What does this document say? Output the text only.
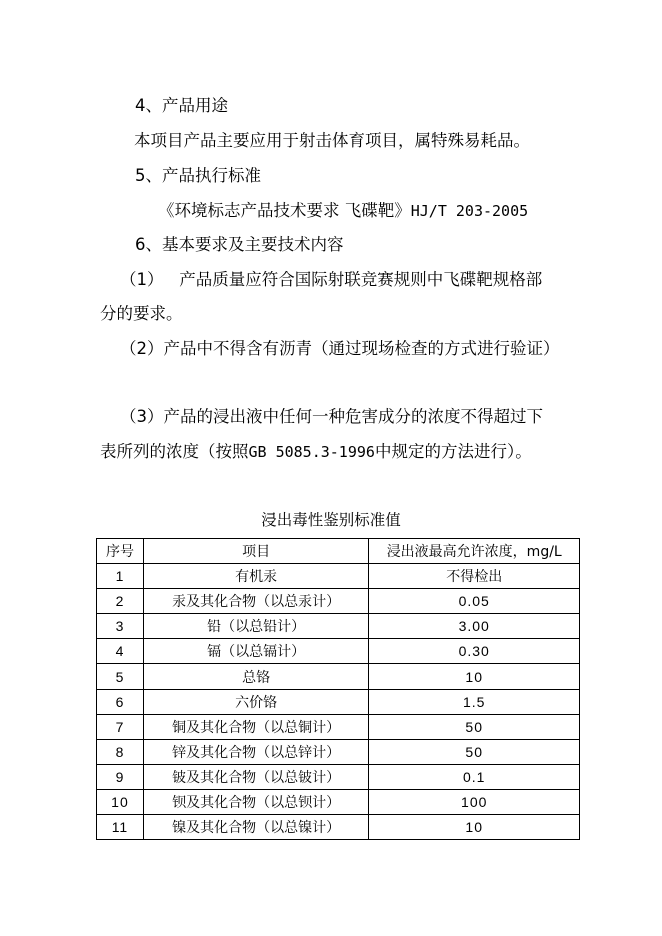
4、产品用途
本项目产品主要应用于射击体育项目，属特殊易耗品。
5、产品执行标准
《环境标志产品技术要求 飞碟靶》HJ/T 203-2005
6、基本要求及主要技术内容
（1）   产品质量应符合国际射联竞赛规则中飞碟靶规格部
分的要求。
（2）产品中不得含有沥青（通过现场检查的方式进行验证）
（3）产品的浸出液中任何一种危害成分的浓度不得超过下
表所列的浓度（按照GB 5085.3-1996中规定的方法进行）。
浸出毒性鉴别标准值
序号	项目	浸出液最高允许浓度，mg/L
1	有机汞	不得检出
2	汞及其化合物（以总汞计）	0.05
3	铅（以总铅计）	3.00
4	镉（以总镉计）	0.30
5	总铬	10
6	六价铬	1.5
7	铜及其化合物（以总铜计）	50
8	锌及其化合物（以总锌计）	50
9	铍及其化合物（以总铍计）	0.1
10	钡及其化合物（以总钡计）	100
11	镍及其化合物（以总镍计）	10
